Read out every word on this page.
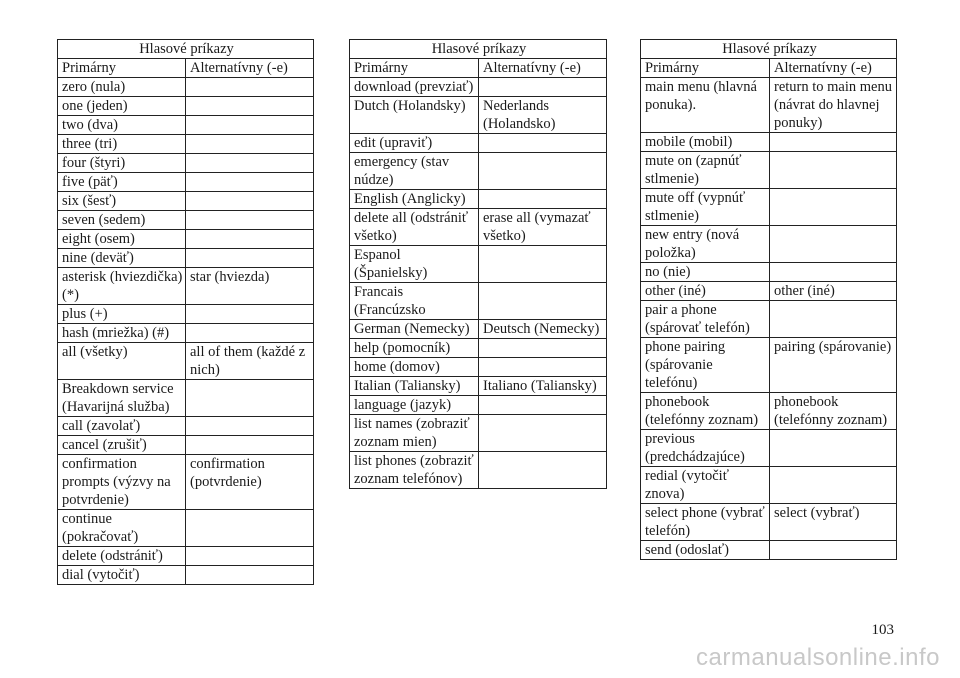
Hlasové príkazy	
Primárny	Alternatívny (-e)
zero (nula)	
one (jeden)	
two (dva)	
three (tri)	
four (štyri)	
five (päť)	
six (šesť)	
seven (sedem)	
eight (osem)	
nine (deväť)	
asterisk (hviezdička) (*)	star (hviezda)
plus (+)	
hash (mriežka) (#)	
all (všetky)	all of them (každé z nich)
Breakdown service (Havarijná služba)	
call (zavolať)	
cancel (zrušiť)	
confirmation prompts (výzvy na potvrdenie)	confirmation (potvrdenie)
continue (pokračovať)	
delete (odstrániť)	
dial (vytočiť)	
Hlasové príkazy	
Primárny	Alternatívny (-e)
download (prevziať)	
Dutch (Holandsky)	Nederlands (Holandsko)
edit (upraviť)	
emergency (stav núdze)	
English (Anglicky)	
delete all (odstrániť všetko)	erase all (vymazať všetko)
Espanol (Španielsky)	
Francais (Francúzsko	
German (Nemecky)	Deutsch (Nemecky)
help (pomocník)	
home (domov)	
Italian (Taliansky)	Italiano (Taliansky)
language (jazyk)	
list names (zobraziť zoznam mien)	
list phones (zobraziť zoznam telefónov)	
Hlasové príkazy	
Primárny	Alternatívny (-e)
main menu (hlavná ponuka).	return to main menu (návrat do hlavnej ponuky)
mobile (mobil)	
mute on (zapnúť stlmenie)	
mute off (vypnúť stlmenie)	
new entry (nová položka)	
no (nie)	
other (iné)	other (iné)
pair a phone (spárovať telefón)	
phone pairing (spárovanie telefónu)	pairing (spárovanie)
phonebook (telefónny zoznam)	phonebook (telefónny zoznam)
previous (predchádzajúce)	
redial (vytočiť znova)	
select phone (vybrať telefón)	select (vybrať)
send (odoslať)	
103
carmanualsonline.info
